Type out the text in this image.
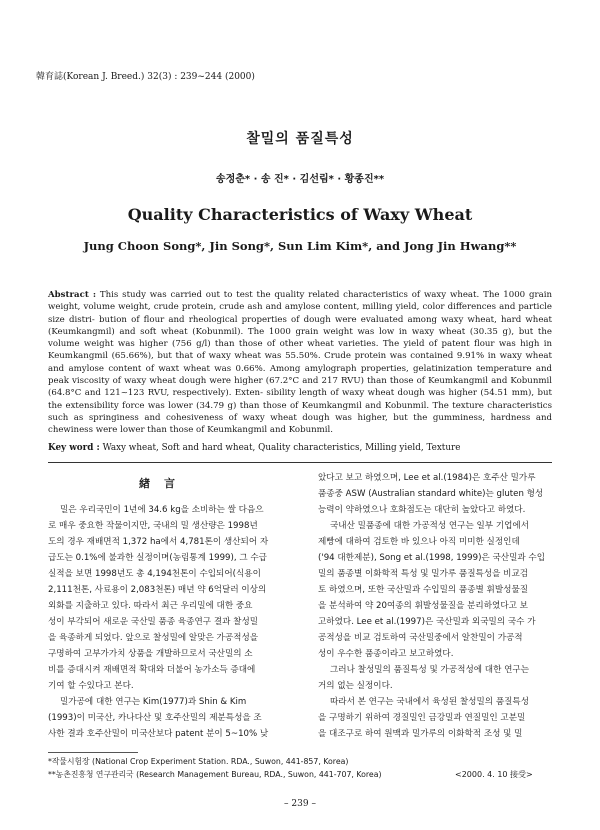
韓育誌(Korean J. Breed.) 32(3) : 239~244 (2000)
찰밀의 품질특성
송정춘* · 송 진* · 김선림* · 황종진**
Quality Characteristics of Waxy Wheat
Jung Choon Song*, Jin Song*, Sun Lim Kim*, and Jong Jin Hwang**
Abstract : This study was carried out to test the quality related characteristics of waxy wheat. The 1000 grain weight, volume weight, crude protein, crude ash and amylose content, milling yield, color differences and particle size distri- bution of flour and rheological properties of dough were evaluated among waxy wheat, hard wheat (Keumkangmil) and soft wheat (Kobunmil). The 1000 grain weight was low in waxy wheat (30.35 g), but the volume weight was higher (756 g/l) than those of other wheat varieties. The yield of patent flour was high in Keumkangmil (65.66%), but that of waxy wheat was 55.50%. Crude protein was contained 9.91% in waxy wheat and amylose content of waxt wheat was 0.66%. Among amylograph properties, gelatinization temperature and peak viscosity of waxy wheat dough were higher (67.2°C and 217 RVU) than those of Keumkangmil and Kobunmil (64.8°C and 121~123 RVU, respectively). Exten- sibility length of waxy wheat dough was higher (54.51 mm), but the extensibility force was lower (34.79 g) than those of Keumkangmil and Kobunmil. The texture characteristics such as springiness and cohesiveness of waxy wheat dough was higher, but the gumminess, hardness and chewiness were lower than those of Keumkangmil and Kobunmil.
Key word : Waxy wheat, Soft and hard wheat, Quality characteristics, Milling yield, Texture
緖言
밀은 우리국민이 1년에 34.6 kg을 소비하는 쌀 다음으
로 매우 중요한 작물이지만, 국내의 밀 생산량은 1998년
도의 경우 재배면적 1,372 ha에서 4,781톤이 생산되어 자
급도는 0.1%에 불과한 실정이며(농림통계 1999), 그 수급
실적을 보면 1998년도 총 4,194천톤이 수입되어(식용이
2,111천톤, 사료용이 2,083천톤) 매년 약 6억달러 이상의
외화를 지출하고 있다. 따라서 최근 우리밀에 대한 중요
성이 부각되어 새로운 국산밀 품종 육종연구 결과 찰성밀
을 육종하게 되었다. 앞으로 찰성밀에 알맞은 가공적성을
구명하여 고부가가치 상품을 개발하므로서 국산밀의 소
비를 증대시켜 재배면적 확대와 더불어 농가소득 증대에
기여 할 수있다고 본다.
밀가공에 대한 연구는 Kim(1977)과 Shin & Kim
(1993)이 미국산, 카나다산 및 호주산밀의 제분특성을 조
사한 결과 호주산밀이 미국산보다 patent 분이 5~10% 낮
았다고 보고 하였으며, Lee et al.(1984)은 호주산 밀가루
품종중 ASW (Australian standard white)는 gluten 형성
능력이 약하였으나 호화점도는 대단히 높았다고 하였다.
국내산 밀품종에 대한 가공적성 연구는 일부 기업에서
제빵에 대하여 검토한 바 있으나 아직 미미한 실정인데
('94 대한제분), Song et al.(1998, 1999)은 국산밀과 수입
밀의 품종별 이화학적 특성 및 밀가루 품질특성을 비교검
토 하였으며, 또한 국산밀과 수입밀의 품종별 휘발성물질
을 분석하여 약 20여종의 휘발성물질을 분리하였다고 보
고하였다. Lee et al.(1997)은 국산밀과 외국밀의 국수 가
공적성을 비교 검토하여 국산밀중에서 알찬밀이 가공적
성이 우수한 품종이라고 보고하였다.
그러나 찰성밀의 품질특성 및 가공적성에 대한 연구는
거의 없는 실정이다.
따라서 본 연구는 국내에서 육성된 찰성밀의 품질특성
을 구명하기 위하여 경질밀인 금강밀과 연질밀인 고분밀
을 대조구로 하여 원맥과 밀가루의 이화학적 조성 및 밀
*작물시험장 (National Crop Experiment Station. RDA., Suwon, 441-857, Korea)
**농촌진흥청 연구관리국 (Research Management Bureau, RDA., Suwon, 441-707, Korea)	<2000. 4. 10 接受>
– 239 –
